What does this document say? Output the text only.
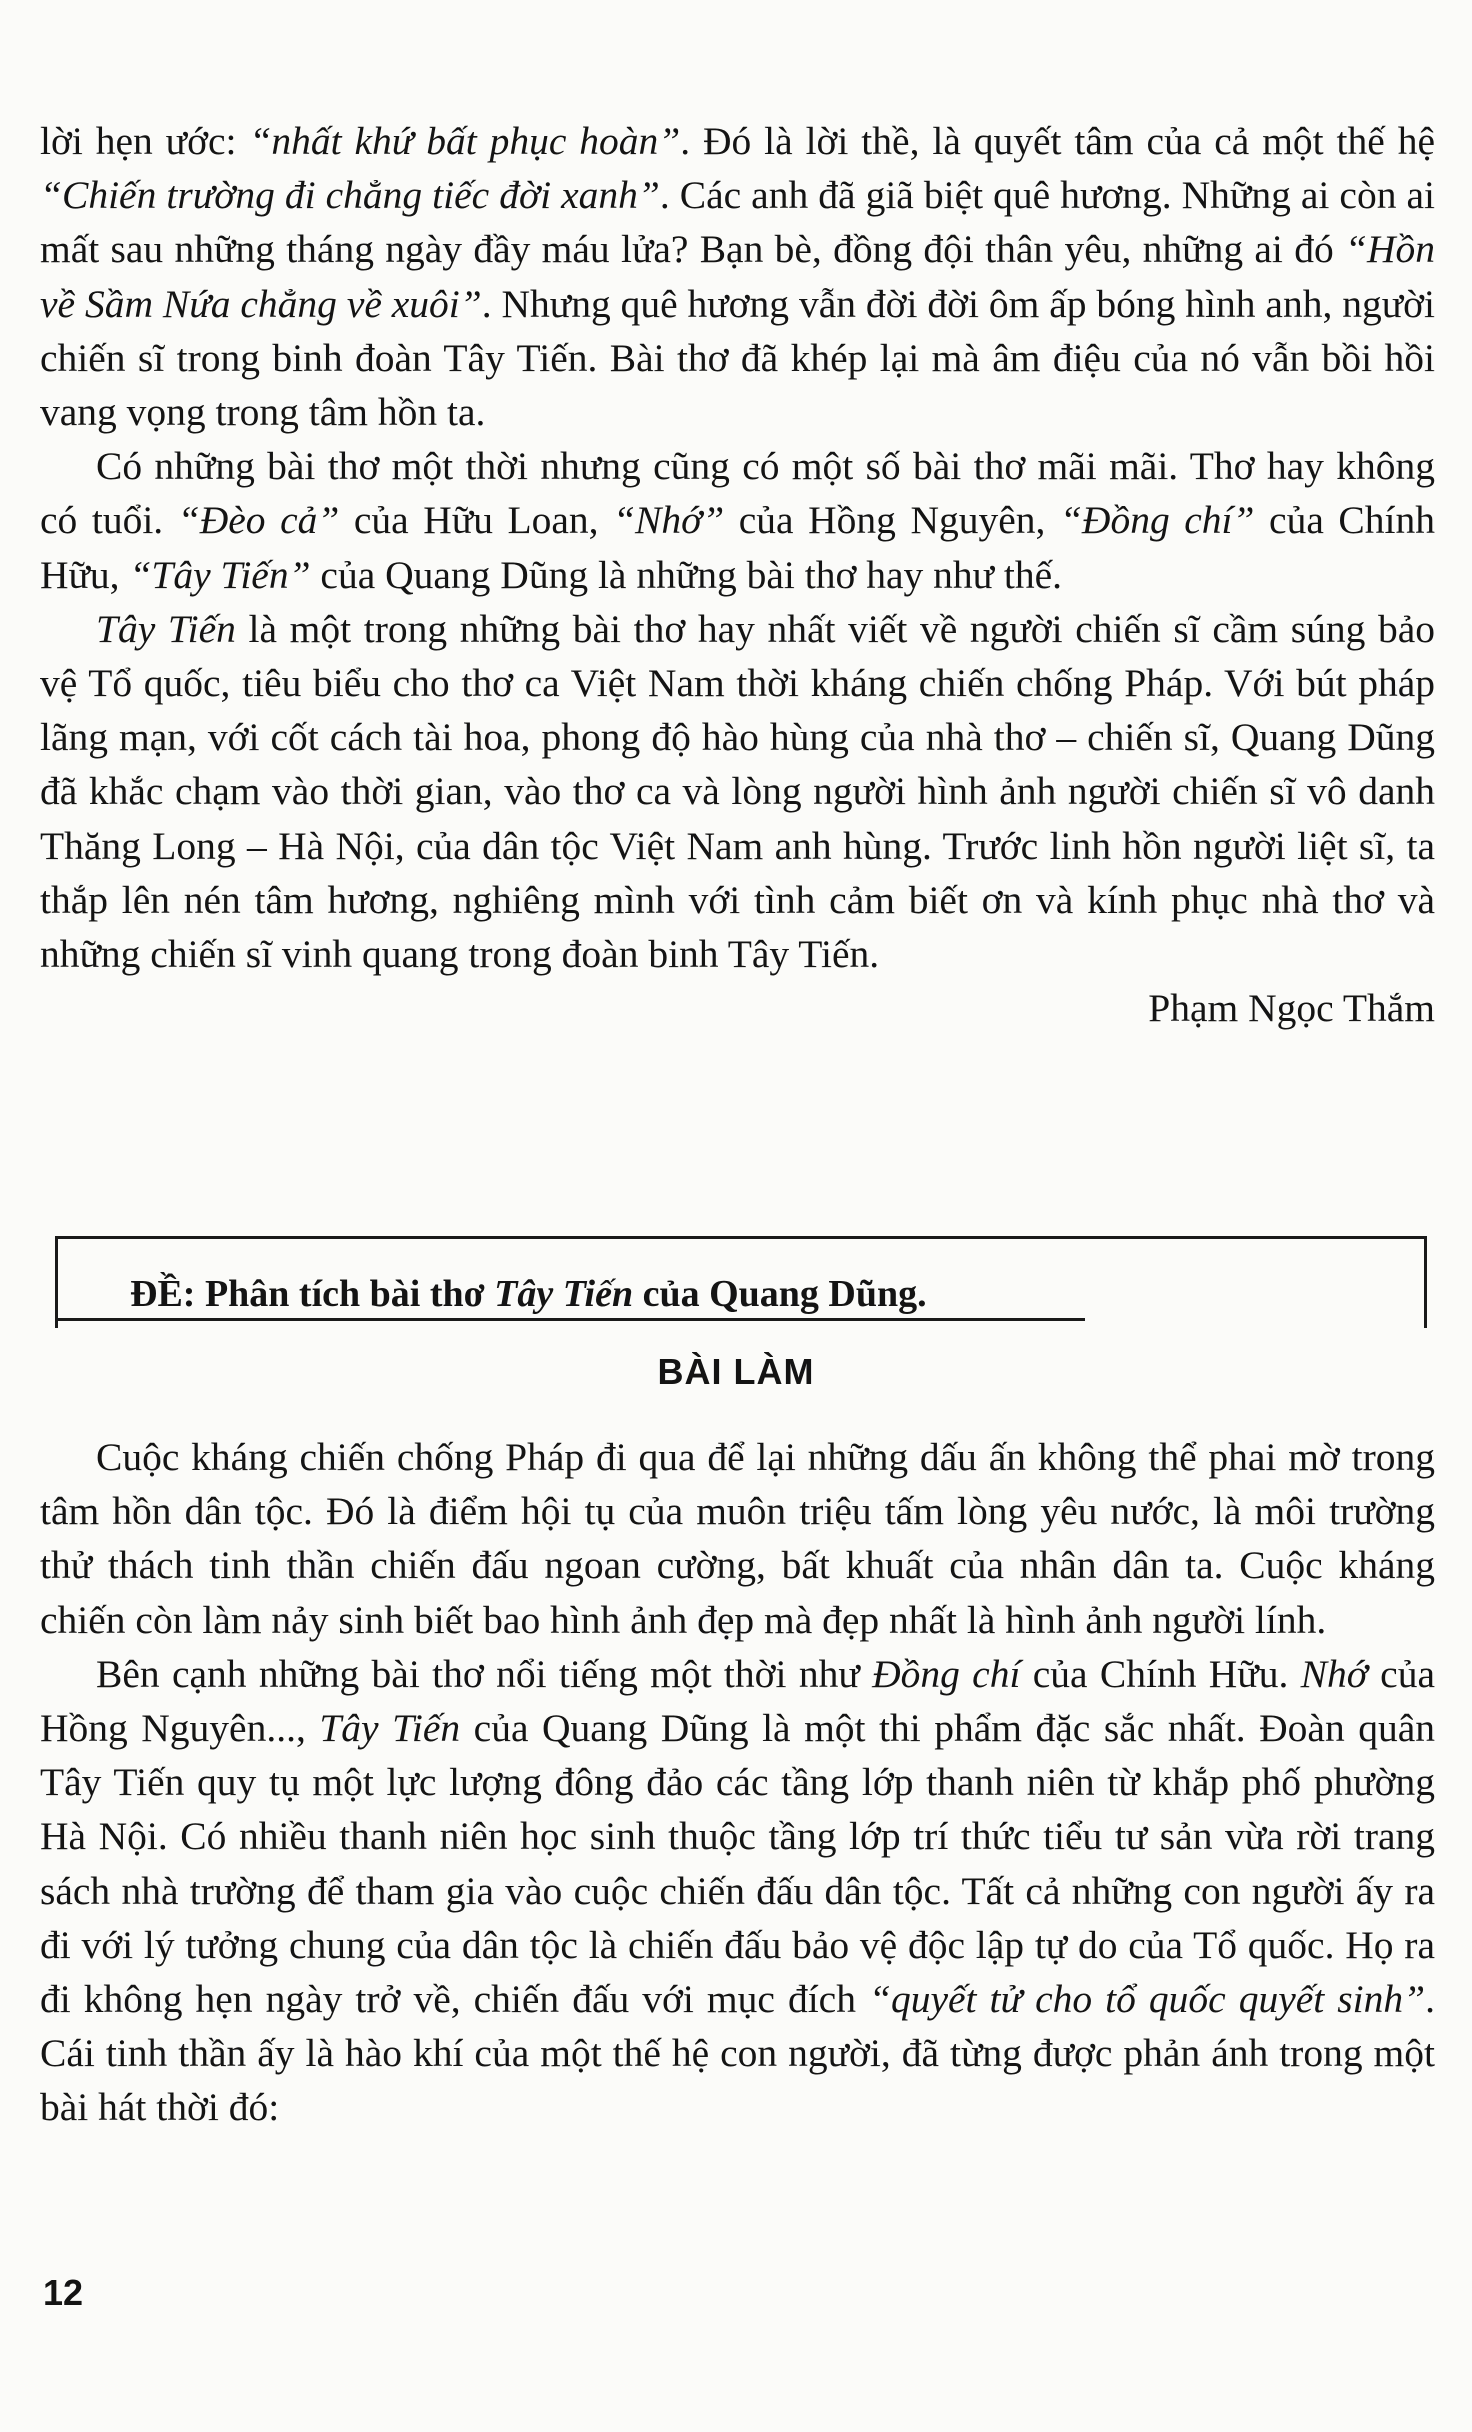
lời hẹn ước: “nhất khứ bất phục hoàn”. Đó là lời thề, là quyết tâm của cả một thế hệ “Chiến trường đi chẳng tiếc đời xanh”. Các anh đã giã biệt quê hương. Những ai còn ai mất sau những tháng ngày đầy máu lửa? Bạn bè, đồng đội thân yêu, những ai đó “Hồn về Sầm Nứa chẳng về xuôi”. Nhưng quê hương vẫn đời đời ôm ấp bóng hình anh, người chiến sĩ trong binh đoàn Tây Tiến. Bài thơ đã khép lại mà âm điệu của nó vẫn bồi hồi vang vọng trong tâm hồn ta.

Có những bài thơ một thời nhưng cũng có một số bài thơ mãi mãi. Thơ hay không có tuổi. “Đèo cả” của Hữu Loan, “Nhớ” của Hồng Nguyên, “Đồng chí” của Chính Hữu, “Tây Tiến” của Quang Dũng là những bài thơ hay như thế.

Tây Tiến là một trong những bài thơ hay nhất viết về người chiến sĩ cầm súng bảo vệ Tổ quốc, tiêu biểu cho thơ ca Việt Nam thời kháng chiến chống Pháp. Với bút pháp lãng mạn, với cốt cách tài hoa, phong độ hào hùng của nhà thơ – chiến sĩ, Quang Dũng đã khắc chạm vào thời gian, vào thơ ca và lòng người hình ảnh người chiến sĩ vô danh Thăng Long – Hà Nội, của dân tộc Việt Nam anh hùng. Trước linh hồn người liệt sĩ, ta thắp lên nén tâm hương, nghiêng mình với tình cảm biết ơn và kính phục nhà thơ và những chiến sĩ vinh quang trong đoàn binh Tây Tiến.

Phạm Ngọc Thắm

ĐỀ: Phân tích bài thơ Tây Tiến của Quang Dũng.
BÀI LÀM

Cuộc kháng chiến chống Pháp đi qua để lại những dấu ấn không thể phai mờ trong tâm hồn dân tộc. Đó là điểm hội tụ của muôn triệu tấm lòng yêu nước, là môi trường thử thách tinh thần chiến đấu ngoan cường, bất khuất của nhân dân ta. Cuộc kháng chiến còn làm nảy sinh biết bao hình ảnh đẹp mà đẹp nhất là hình ảnh người lính.

Bên cạnh những bài thơ nổi tiếng một thời như Đồng chí của Chính Hữu. Nhớ của Hồng Nguyên..., Tây Tiến của Quang Dũng là một thi phẩm đặc sắc nhất. Đoàn quân Tây Tiến quy tụ một lực lượng đông đảo các tầng lớp thanh niên từ khắp phố phường Hà Nội. Có nhiều thanh niên học sinh thuộc tầng lớp trí thức tiểu tư sản vừa rời trang sách nhà trường để tham gia vào cuộc chiến đấu dân tộc. Tất cả những con người ấy ra đi với lý tưởng chung của dân tộc là chiến đấu bảo vệ độc lập tự do của Tổ quốc. Họ ra đi không hẹn ngày trở về, chiến đấu với mục đích “quyết tử cho tổ quốc quyết sinh”. Cái tinh thần ấy là hào khí của một thế hệ con người, đã từng được phản ánh trong một bài hát thời đó:

12
